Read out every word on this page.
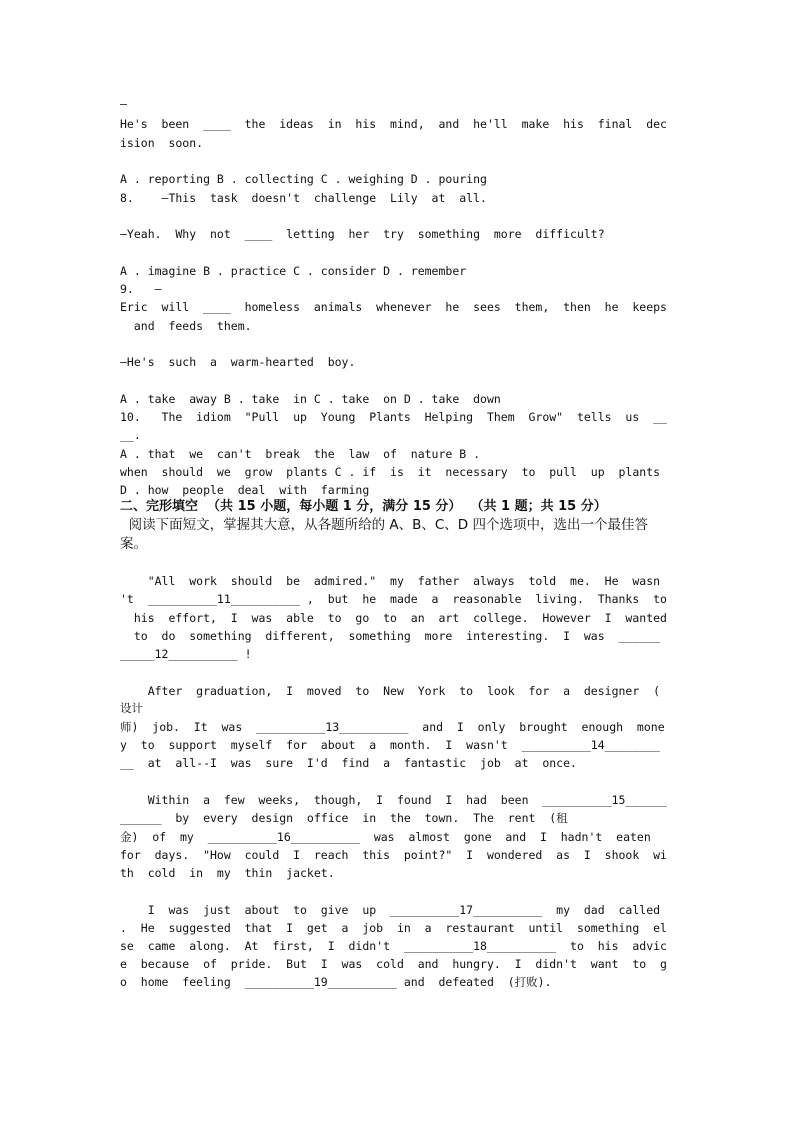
—
He's  been  ____  the  ideas  in  his  mind,  and  he'll  make  his  final  dec
ision  soon.
A . reporting B . collecting C . weighing D . pouring
8.    —This  task  doesn't  challenge  Lily  at  all.
—Yeah.  Why  not  ____  letting  her  try  something  more  difficult?
A . imagine B . practice C . consider D . remember
9.   —
Eric  will  ____  homeless  animals  whenever  he  sees  them,  then  he  keeps
and  feeds  them.
—He's  such  a  warm-hearted  boy.
A . take  away B . take  in C . take  on D . take  down
10.   The  idiom  "Pull  up  Young  Plants  Helping  Them  Grow"  tells  us  __
__.
A . that  we  can't  break  the  law  of  nature B .
when  should  we  grow  plants C . if  is  it  necessary  to  pull  up  plants
D . how  people  deal  with  farming
二、完形填空  （共 15 小题，每小题 1 分，满分 15 分）  （共 1 题；共 15 分）
阅读下面短文，掌握其大意，从各题所给的 A、B、C、D 四个选项中，选出一个最佳答
案。
"All  work  should  be  admired."  my  father  always  told  me.  He  wasn
't  __________11__________ ,  but  he  made  a  reasonable  living.  Thanks  to
his  effort,  I  was  able  to  go  to  an  art  college.  However  I  wanted
to  do  something  different,  something  more  interesting.  I  was  ______
_____12__________ !
After  graduation,  I  moved  to  New  York  to  look  for  a  designer  (
设计
师)  job.  It  was  __________13__________  and  I  only  brought  enough  mone
y  to  support  myself  for  about  a  month.  I  wasn't  __________14________
__  at  all--I  was  sure  I'd  find  a  fantastic  job  at  once.
Within  a  few  weeks,  though,  I  found  I  had  been  __________15______
______  by  every  design  office  in  the  town.  The  rent  (租
金)  of  my  __________16__________  was  almost  gone  and  I  hadn't  eaten
for  days.  "How  could  I  reach  this  point?"  I  wondered  as  I  shook  wi
th  cold  in  my  thin  jacket.
I  was  just  about  to  give  up  __________17__________  my  dad  called
.  He  suggested  that  I  get  a  job  in  a  restaurant  until  something  el
se  came  along.  At  first,  I  didn't  __________18__________  to  his  advic
e  because  of  pride.  But  I  was  cold  and  hungry.  I  didn't  want  to  g
o  home  feeling  __________19__________ and  defeated  (打败).
